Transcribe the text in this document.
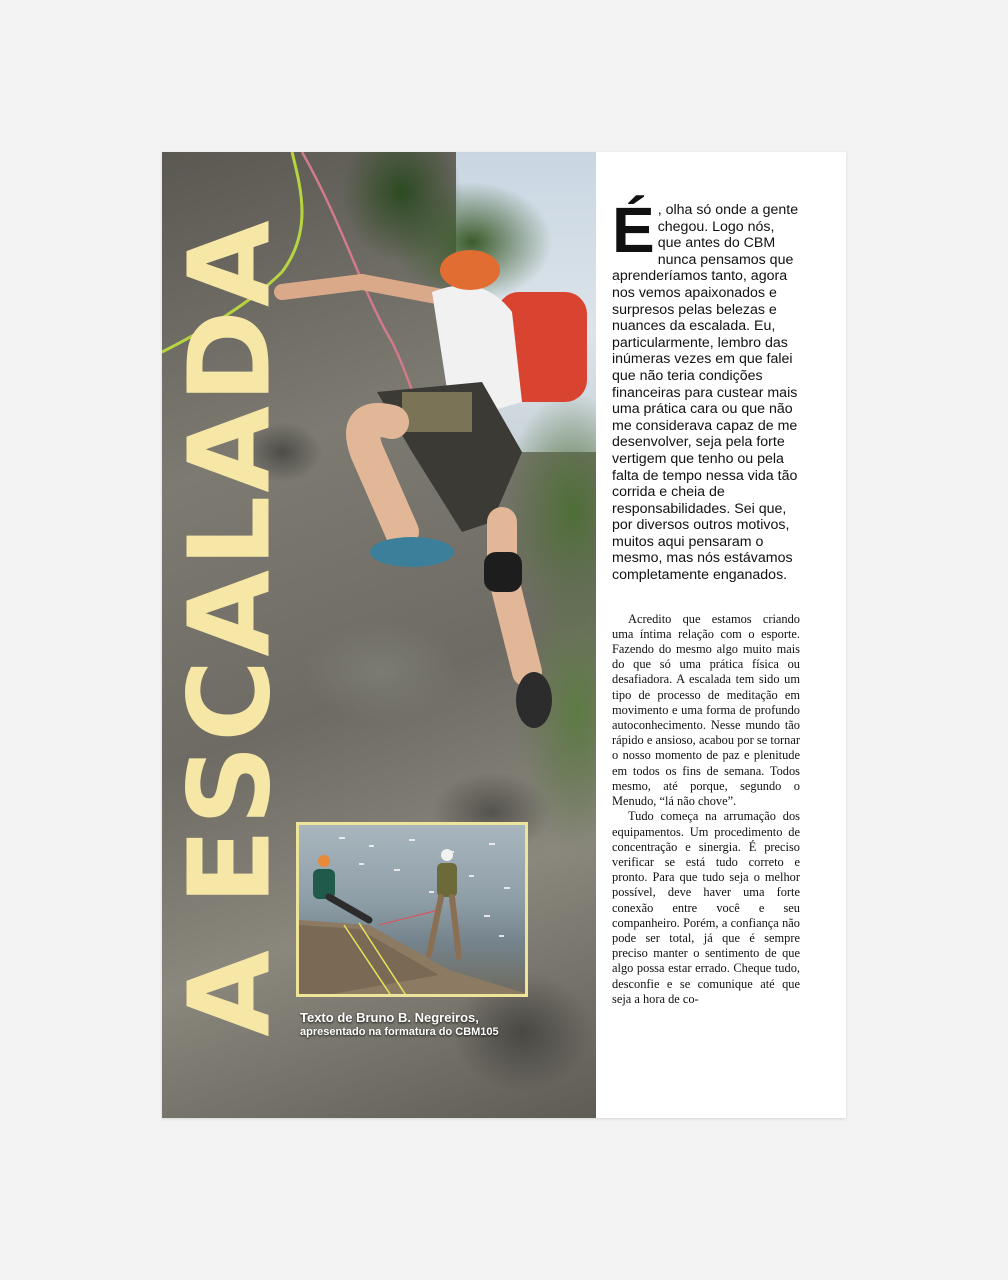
A ESCALADA Texto de Bruno B. Negreiros,
apresentado na formatura do CBM105
É , olha só onde a gente chegou. Logo nós, que antes do CBM nunca pensamos que aprenderíamos tanto, agora nos vemos apaixonados e surpresos pelas belezas e nuances da escalada. Eu, particularmente, lembro das inúmeras vezes em que falei que não teria condições financeiras para custear mais uma prática cara ou que não me considerava capaz de me desenvolver, seja pela forte vertigem que tenho ou pela falta de tempo nessa vida tão corrida e cheia de responsabilidades. Sei que, por diversos outros motivos, muitos aqui pensaram o mesmo, mas nós estávamos completamente enganados.

Acredito que estamos criando uma íntima relação com o esporte. Fazendo do mesmo algo muito mais do que só uma prática física ou desafiadora. A escalada tem sido um tipo de processo de meditação em movimento e uma forma de profundo autoconhecimento. Nesse mundo tão rápido e ansioso, acabou por se tornar o nosso momento de paz e plenitude em todos os fins de semana. Todos mesmo, até porque, segundo o Menudo, “lá não chove”.

Tudo começa na arrumação dos equipamentos. Um procedimento de concentração e sinergia. É preciso verificar se está tudo correto e pronto. Para que tudo seja o melhor possível, deve haver uma forte conexão entre você e seu companheiro. Porém, a confiança não pode ser total, já que é sempre preciso manter o sentimento de que algo possa estar errado. Cheque tudo, desconfie e se comunique até que seja a hora de co-
